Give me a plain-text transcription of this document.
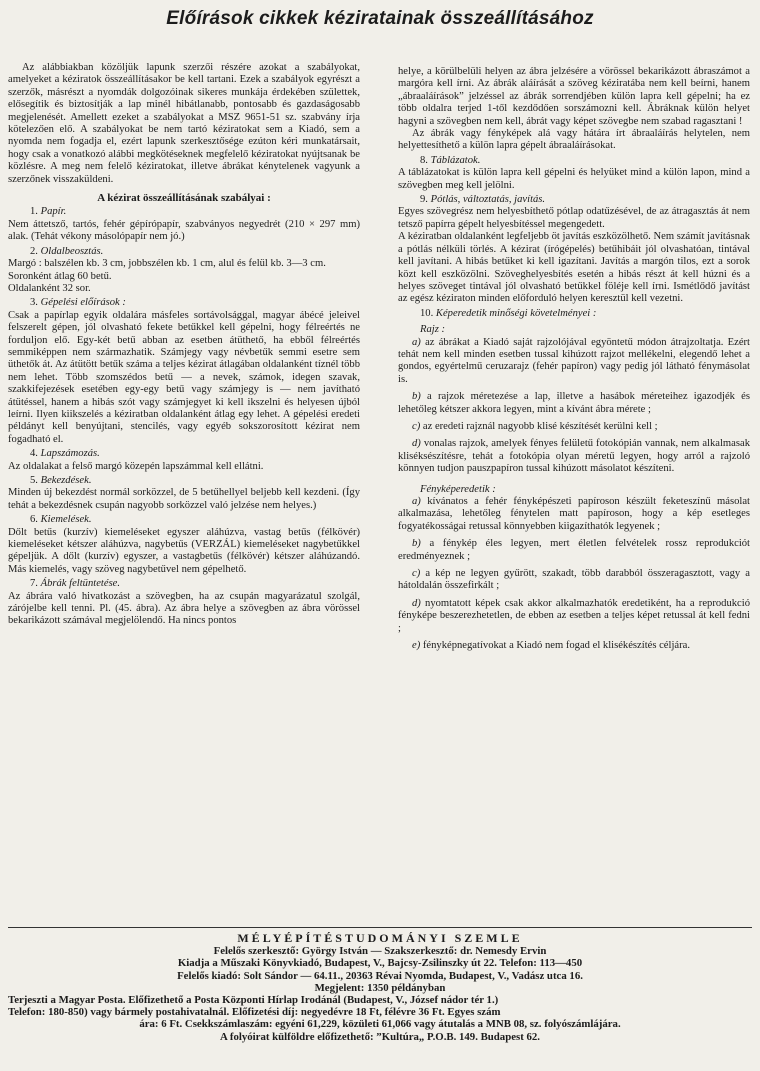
Előírások cikkek kéziratainak összeállításához

Az alábbiakban közöljük lapunk szerzői részére azokat a szabályokat, amelyeket a kéziratok összeállításakor be kell tartani. Ezek a szabályok egyrészt a szerzők, másrészt a nyomdák dolgozóinak sikeres munkája érdekében születtek, elősegítik és biztosítják a lap minél hibátlanabb, pontosabb és gazdaságosabb megjelenését. Amellett ezeket a szabályokat a MSZ 9651-51 sz. szabvány írja kötelezően elő. A szabályokat be nem tartó kéziratokat sem a Kiadó, sem a nyomda nem fogadja el, ezért lapunk szerkesztősége ezúton kéri munkatársait, hogy csak a vonatkozó alábbi megkötéseknek megfelelő kéziratokat nyújtsanak be közlésre. A meg nem felelő kéziratokat, illetve ábrákat kénytelenek vagyunk a szerzőnek visszaküldeni.

A kézirat összeállításának szabályai :
1. Papír.

Nem áttetsző, tartós, fehér gépírópapír, szabványos negyedrét (210 × 297 mm) alak. (Tehát vékony másolópapír nem jó.)

2. Oldalbeosztás.

Margó : balszélen kb. 3 cm, jobbszélen kb. 1 cm, alul és felül kb. 3—3 cm.

Soronként átlag 60 betű.

Oldalanként 32 sor.

3. Gépelési előírások :

Csak a papírlap egyik oldalára másfeles sortávolsággal, magyar ábécé jeleivel felszerelt gépen, jól olvasható fekete betűkkel kell gépelni, hogy félreértés ne forduljon elő. Egy-két betű abban az esetben átüthető, ha ebből félreértés semmiképpen nem származhatik. Számjegy vagy névbetűk semmi esetre sem üthetők át. Az átütött betűk száma a teljes kézirat átlagában oldalanként tíznél több nem lehet. Több szomszédos betű — a nevek, számok, idegen szavak, szakkifejezések esetében egy-egy betű vagy számjegy is — nem javítható átütéssel, hanem a hibás szót vagy számjegyet ki kell ikszelni és helyesen újból leírni. Ilyen kiikszelés a kéziratban oldalanként átlag egy lehet. A gépelési eredeti példányt kell benyújtani, stencilés, vagy egyéb sokszorosított kézirat nem fogadható el.

4. Lapszámozás.

Az oldalakat a felső margó közepén lapszámmal kell ellátni.

5. Bekezdések.

Minden új bekezdést normál sorközzel, de 5 betűhellyel beljebb kell kezdeni. (Így tehát a bekezdésnek csupán nagyobb sorközzel való jelzése nem helyes.)

6. Kiemelések.

Dőlt betűs (kurzív) kiemeléseket egyszer aláhúzva, vastag betűs (félkövér) kiemeléseket kétszer aláhúzva, nagybetűs (VERZÁL) kiemeléseket nagybetűkkel gépeljük. A dőlt (kurzív) egyszer, a vastagbetűs (félkövér) kétszer aláhúzandó. Más kiemelés, vagy szöveg nagybetűvel nem gépelhető.

7. Ábrák feltüntetése.

Az ábrára való hivatkozást a szövegben, ha az csupán magyarázatul szolgál, zárójelbe kell tenni. Pl. (45. ábra). Az ábra helye a szövegben az ábra vörössel bekarikázott számával megjelölendő. Ha nincs pontos

helye, a körülbelüli helyen az ábra jelzésére a vörössel bekarikázott ábraszámot a margóra kell írni. Az ábrák aláírását a szöveg kéziratába nem kell beírni, hanem „ábraaláírások” jelzéssel az ábrák sorrendjében külön lapra kell gépelni; ha ez több oldalra terjed 1-től kezdődően sorszámozni kell. Ábráknak külön helyet hagyni a szövegben nem kell, ábrát vagy képet szövegbe nem szabad ragasztani !

Az ábrák vagy fényképek alá vagy hátára írt ábraaláírás helytelen, nem helyettesíthető a külön lapra gépelt ábraaláírásokat.

8. Táblázatok.

A táblázatokat is külön lapra kell gépelni és helyüket mind a külön lapon, mind a szövegben meg kell jelölni.

9. Pótlás, változtatás, javítás.

Egyes szövegrész nem helyesbíthető pótlap odatűzésével, de az átragasztás át nem tetsző papírra gépelt helyesbítéssel megengedett.

A kéziratban oldalanként legfeljebb öt javítás eszközölhető. Nem számít javításnak a pótlás nélküli törlés. A kézirat (írógépelés) betűhibáit jól olvashatóan, tintával kell javítani. A hibás betűket ki kell igazítani. Javítás a margón tilos, ezt a sorok közt kell eszközölni. Szöveghelyesbítés esetén a hibás részt át kell húzni és a helyes szöveget tintával jól olvasható betűkkel föléje kell írni. Ismétlődő javítást az egész kéziraton minden előforduló helyen keresztül kell vezetni.

10. Képeredetik minőségi követelményei :
Rajz :

a) az ábrákat a Kiadó saját rajzolójával egyöntetű módon átrajzoltatja. Ezért tehát nem kell minden esetben tussal kihúzott rajzot mellékelni, elegendő lehet a gondos, egyértelmű ceruzarajz (fehér papíron) vagy pedig jól látható fénymásolat is.

b) a rajzok méretezése a lap, illetve a hasábok méreteihez igazodjék és lehetőleg kétszer akkora legyen, mint a kívánt ábra mérete ;

c) az eredeti rajznál nagyobb klisé készítését kerülni kell ;

d) vonalas rajzok, amelyek fényes felületű fotokópián vannak, nem alkalmasak kliséksészítésre, tehát a fotokópia olyan méretű legyen, hogy arról a rajzoló könnyen tudjon pauszpapíron tussal kihúzott másolatot készíteni.

Fényképeredetik :

a) kívánatos a fehér fényképészeti papíroson készült feketeszínű másolat alkalmazása, lehetőleg fénytelen matt papíroson, hogy a kép esetleges fogyatékosságai retussal könnyebben kiigazíthatók legyenek ;

b) a fénykép éles legyen, mert életlen felvételek rossz reprodukciót eredményeznek ;

c) a kép ne legyen gyűrött, szakadt, több darabból összeragasztott, vagy a hátoldalán összefirkált ;

d) nyomtatott képek csak akkor alkalmazhatók eredetiként, ha a reprodukció fényképe beszerezhetetlen, de ebben az esetben a teljes képet retussal át kell fedni ;

e) fényképnegatívokat a Kiadó nem fogad el klisékészítés céljára.

MÉLYÉPÍTÉSTUDOMÁNYI SZEMLE
Felelős szerkesztő: György István — Szakszerkesztő: dr. Nemesdy Ervin
Kiadja a Műszaki Könyvkiadó, Budapest, V., Bajcsy-Zsilinszky út 22. Telefon: 113—450
Felelős kiadó: Solt Sándor — 64.11., 20363 Révai Nyomda, Budapest, V., Vadász utca 16.
Megjelent: 1350 példányban
Terjeszti a Magyar Posta. Előfizethető a Posta Központi Hírlap Irodánál (Budapest, V., József nádor tér 1.)
Telefon: 180-850) vagy bármely postahivatalnál. Előfizetési díj: negyedévre 18 Ft, félévre 36 Ft. Egyes szám
ára: 6 Ft. Csekkszámlaszám: egyéni 61,229, közületi 61,066 vagy átutalás a MNB 08, sz. folyószámlájára.
A folyóirat külföldre előfizethető: ”Kultúra„ P.O.B. 149. Budapest 62.
